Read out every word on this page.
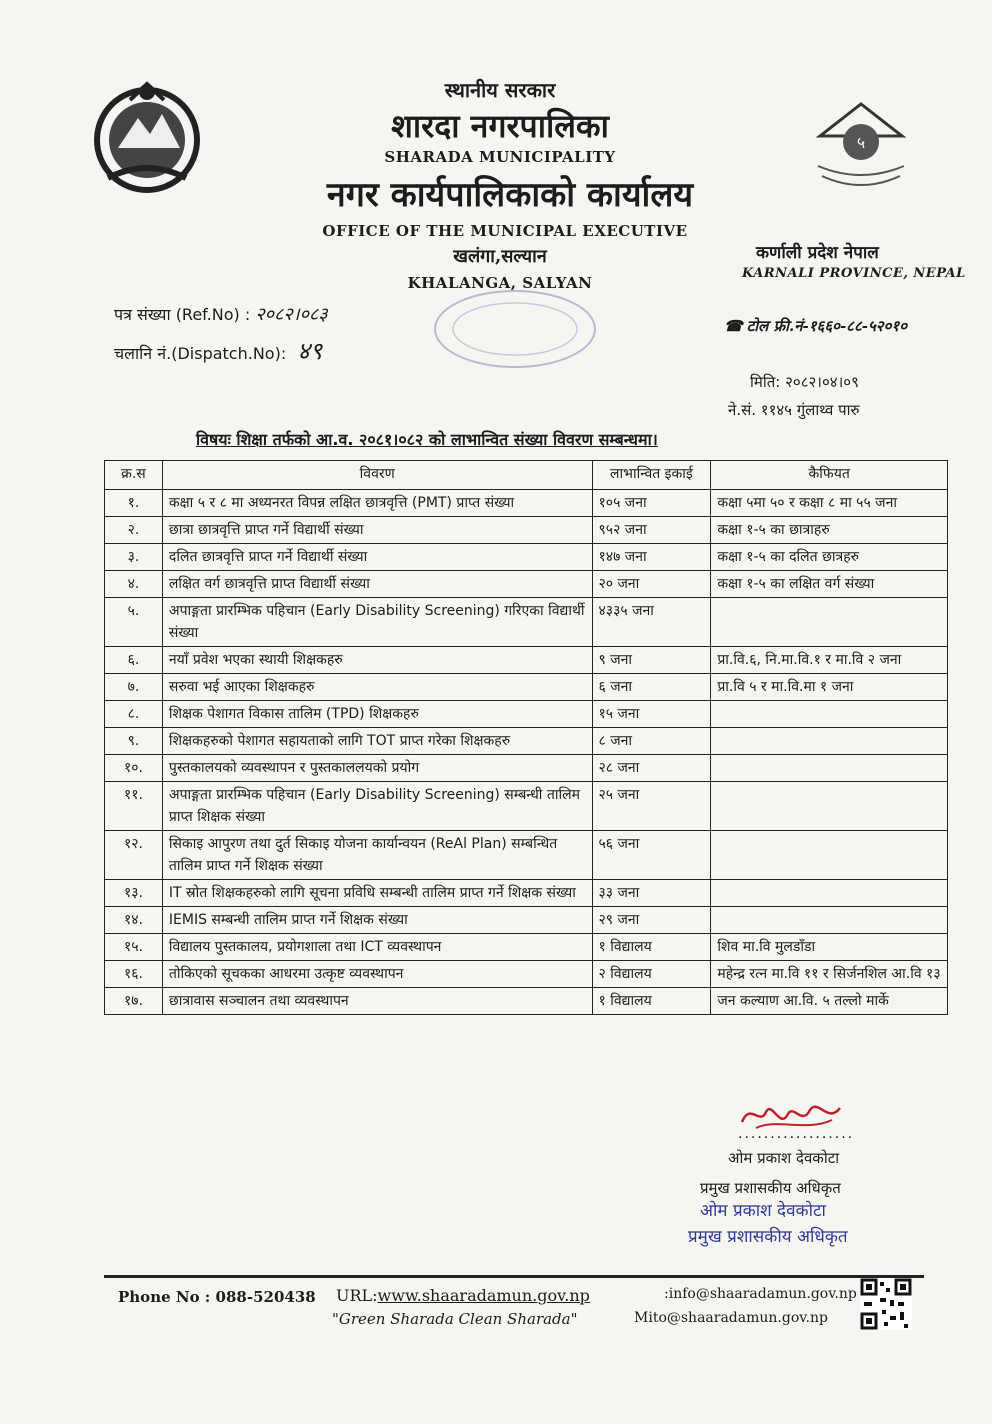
स्थानीय सरकार
शारदा नगरपालिका
SHARADA MUNICIPALITY
नगर कार्यपालिकाको कार्यालय
OFFICE OF THE MUNICIPAL EXECUTIVE
खलंगा,सल्यान
KHALANGA, SALYAN
५
कर्णाली प्रदेश नेपाल
KARNALI PROVINCE, NEPAL
☎ टोल फ्री.नं-१६६०-८८-५२०१०
पत्र संख्या (Ref.No) : २०८२।०८३
चलानि नं.(Dispatch.No): ४९
मिति: २०८२।०४।०९
ने.सं. ११४५ गुंलाथ्व पारु
विषयः शिक्षा तर्फको आ.व. २०८१।०८२ को लाभान्वित संख्या विवरण सम्बन्धमा।
क्र.स	विवरण	लाभान्वित इकाई	कैफियत
१.	कक्षा ५ र ८ मा अध्यनरत विपन्न लक्षित छात्रवृत्ति (PMT) प्राप्त संख्या	१०५ जना	कक्षा ५मा ५० र कक्षा ८ मा ५५ जना
२.	छात्रा छात्रवृत्ति प्राप्त गर्ने विद्यार्थी संख्या	९५२ जना	कक्षा १-५ का छात्राहरु
३.	दलित छात्रवृत्ति प्राप्त गर्ने विद्यार्थी संख्या	१४७ जना	कक्षा १-५ का दलित छात्रहरु
४.	लक्षित वर्ग छात्रवृत्ति प्राप्त विद्यार्थी संख्या	२० जना	कक्षा १-५ का लक्षित वर्ग संख्या
५.	अपाङ्गता प्रारम्भिक पहिचान (Early Disability Screening) गरिएका विद्यार्थी संख्या	४३३५ जना	
६.	नयाँ प्रवेश भएका स्थायी शिक्षकहरु	९ जना	प्रा.वि.६, नि.मा.वि.१ र मा.वि २ जना
७.	सरुवा भई आएका शिक्षकहरु	६ जना	प्रा.वि ५ र मा.वि.मा १ जना
८.	शिक्षक पेशागत विकास तालिम (TPD) शिक्षकहरु	१५ जना	
९.	शिक्षकहरुको पेशागत सहायताको लागि TOT प्राप्त गरेका शिक्षकहरु	८ जना	
१०.	पुस्तकालयको व्यवस्थापन र पुस्तकाललयको प्रयोग	२८ जना	
११.	अपाङ्गता प्रारम्भिक पहिचान (Early Disability Screening) सम्बन्धी तालिम प्राप्त शिक्षक संख्या	२५ जना	
१२.	सिकाइ आपुरण तथा दुर्त सिकाइ योजना कार्यान्वयन (ReAl Plan) सम्बन्धित तालिम प्राप्त गर्ने शिक्षक संख्या	५६ जना	
१३.	IT स्रोत शिक्षकहरुको लागि सूचना प्रविधि सम्बन्धी तालिम प्राप्त गर्ने शिक्षक संख्या	३३ जना	
१४.	IEMIS सम्बन्धी तालिम प्राप्त गर्ने शिक्षक संख्या	२९ जना	
१५.	विद्यालय पुस्तकालय, प्रयोगशाला तथा ICT व्यवस्थापन	१ विद्यालय	शिव मा.वि मुलडाँडा
१६.	तोकिएको सूचकका आधरमा उत्कृष्ट व्यवस्थापन	२ विद्यालय	महेन्द्र रत्न मा.वि ११ र सिर्जनशिल आ.वि १३
१७.	छात्रावास सञ्चालन तथा व्यवस्थापन	१ विद्यालय	जन कल्याण आ.वि. ५ तल्लो मार्के
..................
ओम प्रकाश देवकोटा
प्रमुख प्रशासकीय अधिकृत
ओम प्रकाश देवकोटा
प्रमुख प्रशासकीय अधिकृत
Phone No : 088-520438 URL:www.shaaradamun.gov.np
"Green Sharada Clean Sharada"
:info@shaaradamun.gov.np
Mito@shaaradamun.gov.np
